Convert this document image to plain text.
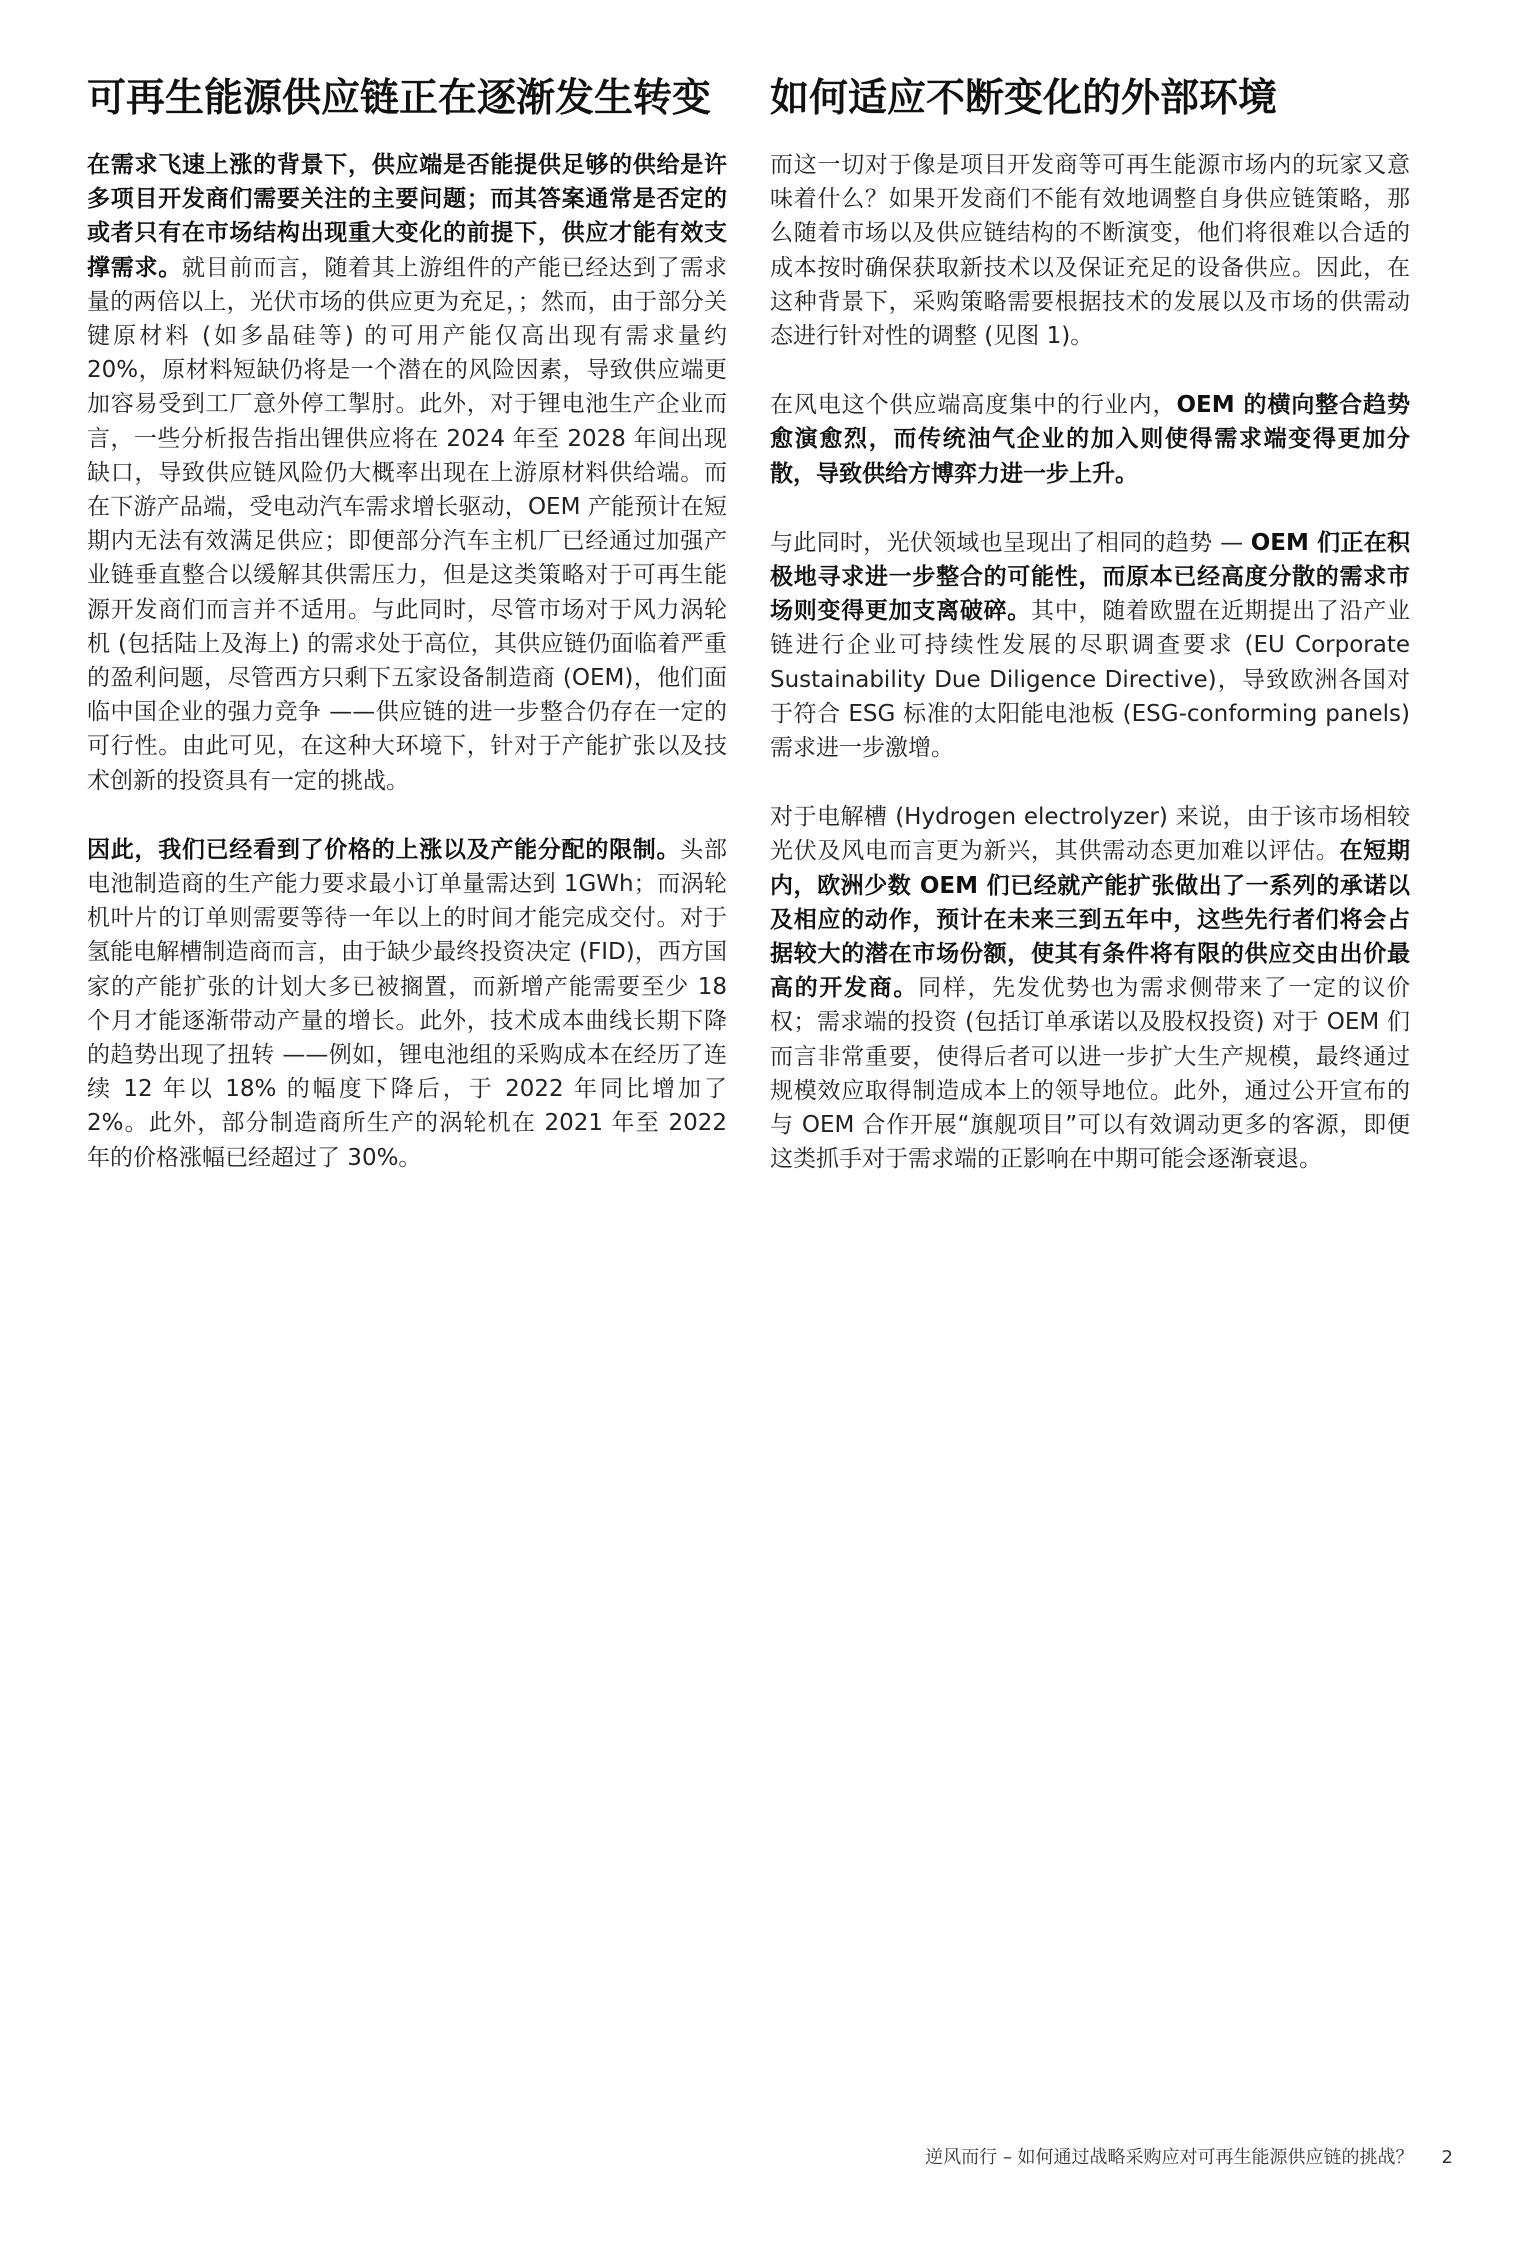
可再生能源供应链正在逐渐发生转变

在需求飞速上涨的背景下，供应端是否能提供足够的供给是许多项目开发商们需要关注的主要问题；而其答案通常是否定的或者只有在市场结构出现重大变化的前提下，供应才能有效支撑需求。就目前而言，随着其上游组件的产能已经达到了需求量的两倍以上，光伏市场的供应更为充足，；然而，由于部分关键原材料 (如多晶硅等) 的可用产能仅高出现有需求量约 20%，原材料短缺仍将是一个潜在的风险因素，导致供应端更加容易受到工厂意外停工掣肘。此外，对于锂电池生产企业而言，一些分析报告指出锂供应将在 2024 年至 2028 年间出现缺口，导致供应链风险仍大概率出现在上游原材料供给端。而在下游产品端，受电动汽车需求增长驱动，OEM 产能预计在短期内无法有效满足供应；即便部分汽车主机厂已经通过加强产业链垂直整合以缓解其供需压力，但是这类策略对于可再生能源开发商们而言并不适用。与此同时，尽管市场对于风力涡轮机 (包括陆上及海上) 的需求处于高位，其供应链仍面临着严重的盈利问题，尽管西方只剩下五家设备制造商 (OEM)，他们面临中国企业的强力竞争 ——供应链的进一步整合仍存在一定的可行性。由此可见，在这种大环境下，针对于产能扩张以及技术创新的投资具有一定的挑战。

因此，我们已经看到了价格的上涨以及产能分配的限制。头部电池制造商的生产能力要求最小订单量需达到 1GWh；而涡轮机叶片的订单则需要等待一年以上的时间才能完成交付。对于氢能电解槽制造商而言，由于缺少最终投资决定 (FID)，西方国家的产能扩张的计划大多已被搁置，而新增产能需要至少 18 个月才能逐渐带动产量的增长。此外，技术成本曲线长期下降的趋势出现了扭转 ——例如，锂电池组的采购成本在经历了连续 12 年以 18% 的幅度下降后，于 2022 年同比增加了 2%。此外，部分制造商所生产的涡轮机在 2021 年至 2022 年的价格涨幅已经超过了 30%。

如何适应不断变化的外部环境

而这一切对于像是项目开发商等可再生能源市场内的玩家又意味着什么？如果开发商们不能有效地调整自身供应链策略，那么随着市场以及供应链结构的不断演变，他们将很难以合适的成本按时确保获取新技术以及保证充足的设备供应。因此，在这种背景下，采购策略需要根据技术的发展以及市场的供需动态进行针对性的调整 (见图 1)。

在风电这个供应端高度集中的行业内，OEM 的横向整合趋势愈演愈烈，而传统油气企业的加入则使得需求端变得更加分散，导致供给方博弈力进一步上升。

与此同时，光伏领域也呈现出了相同的趋势 — OEM 们正在积极地寻求进一步整合的可能性，而原本已经高度分散的需求市场则变得更加支离破碎。其中，随着欧盟在近期提出了沿产业链进行企业可持续性发展的尽职调查要求 (EU Corporate Sustainability Due Diligence Directive)，导致欧洲各国对于符合 ESG 标准的太阳能电池板 (ESG-conforming panels) 需求进一步激增。

对于电解槽 (Hydrogen electrolyzer) 来说，由于该市场相较光伏及风电而言更为新兴，其供需动态更加难以评估。在短期内，欧洲少数 OEM 们已经就产能扩张做出了一系列的承诺以及相应的动作，预计在未来三到五年中，这些先行者们将会占据较大的潜在市场份额，使其有条件将有限的供应交由出价最高的开发商。同样，先发优势也为需求侧带来了一定的议价权；需求端的投资 (包括订单承诺以及股权投资) 对于 OEM 们而言非常重要，使得后者可以进一步扩大生产规模，最终通过规模效应取得制造成本上的领导地位。此外，通过公开宣布的与 OEM 合作开展“旗舰项目”可以有效调动更多的客源，即便这类抓手对于需求端的正影响在中期可能会逐渐衰退。

逆风而行 – 如何通过战略采购应对可再生能源供应链的挑战？ 2
